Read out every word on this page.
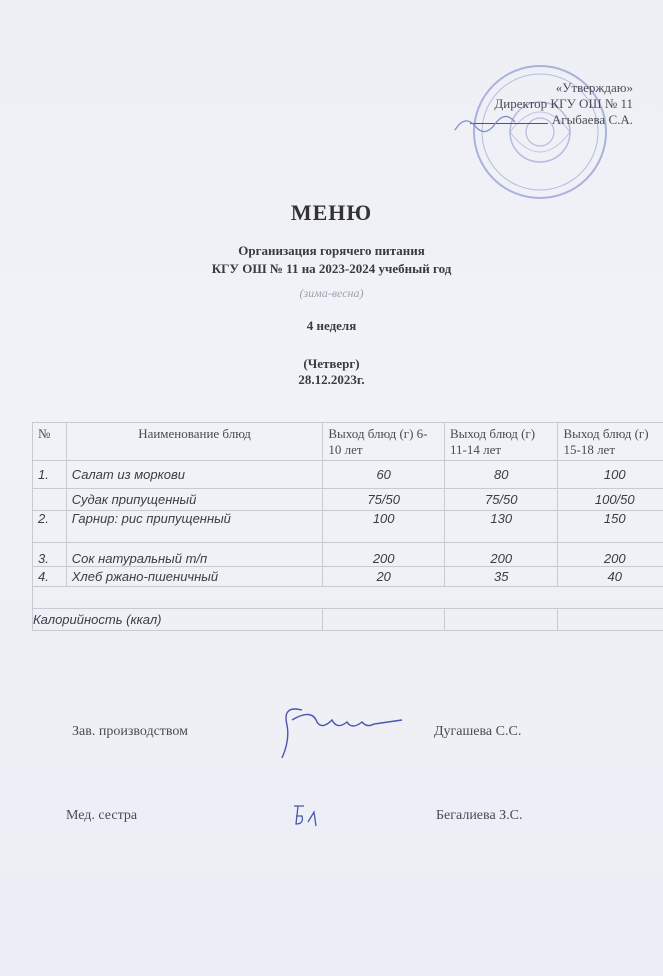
«Утверждаю»
Директор КГУ ОШ № 11
Агыбаева С.А.
МЕНЮ
Организация горячего питания
КГУ ОШ № 11 на 2023-2024 учебный год
(зима-весна)
4 неделя
(Четверг)
28.12.2023г.
№	Наименование блюд	Выход блюд (г) 6-10 лет	Выход блюд (г) 11-14 лет	Выход блюд (г) 15-18 лет
1.	Салат из моркови	60	80	100
	Судак припущенный	75/50	75/50	100/50
2.	Гарнир: рис припущенный	100	130	150
3.	Сок натуральный т/п	200	200	200
4.	Хлеб ржано-пшеничный	20	35	40

Калорийность (ккал)				
Зав. производством	Дугашева С.С.
Мед. сестра	Бегалиева З.С.
